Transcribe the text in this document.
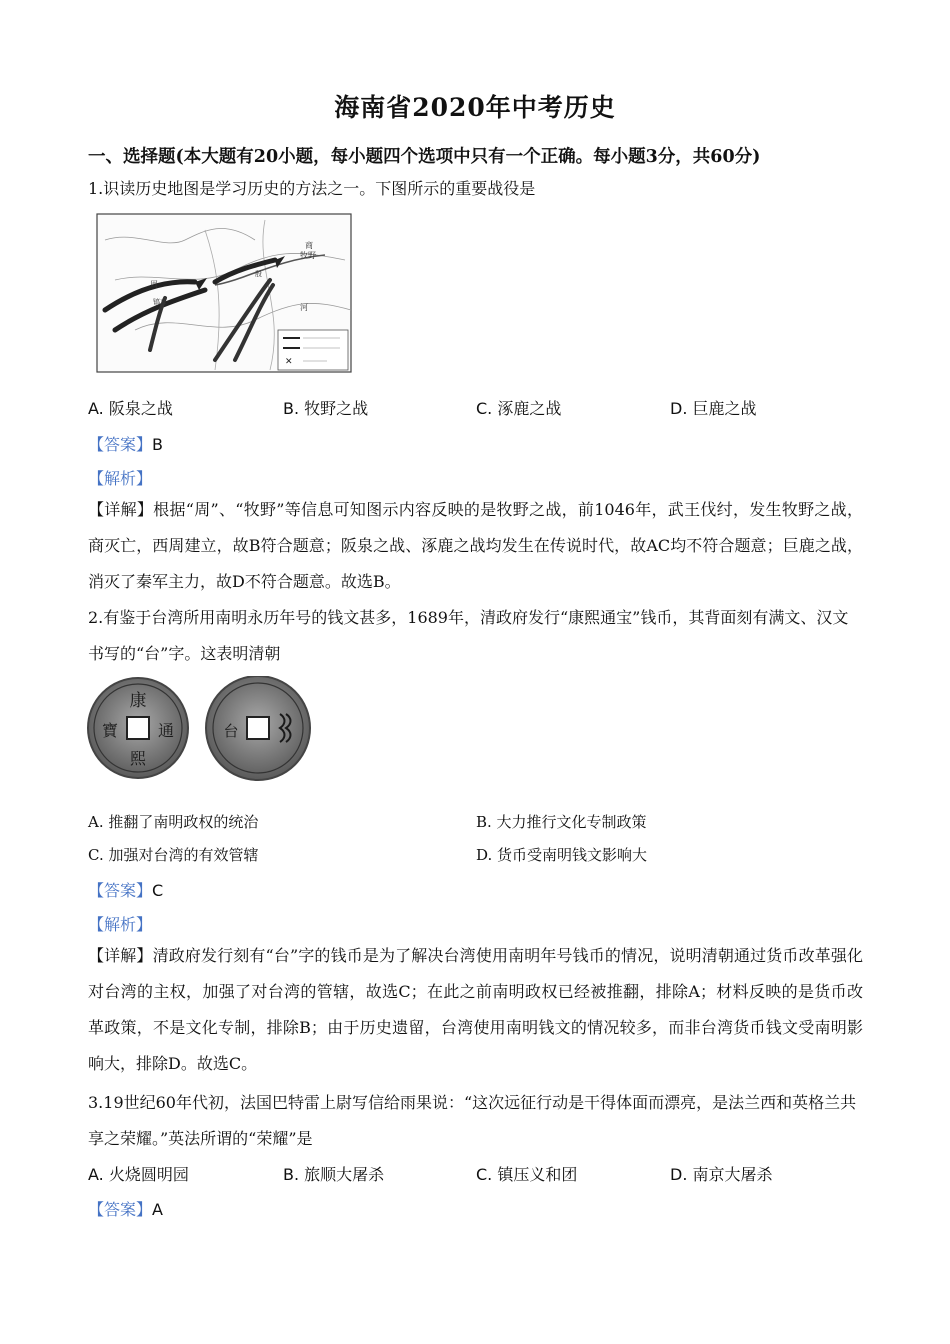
海南省2020年中考历史
一、选择题(本大题有20小题，每小题四个选项中只有一个正确。每小题3分，共60分)
1.识读历史地图是学习历史的方法之一。下图所示的重要战役是
✕
商
牧野
周
镐京
河
殷
A. 阪泉之战	B. 牧野之战	C. 涿鹿之战	D. 巨鹿之战
【答案】B
【解析】
【详解】根据“周”、“牧野”等信息可知图示内容反映的是牧野之战，前1046年，武王伐纣，发生牧野之战，商灭亡，西周建立，故B符合题意；阪泉之战、涿鹿之战均发生在传说时代，故AC均不符合题意；巨鹿之战，消灭了秦军主力，故D不符合题意。故选B。
2.有鉴于台湾所用南明永历年号的钱文甚多，1689年，清政府发行“康熙通宝”钱币，其背面刻有满文、汉文书写的“台”字。这表明清朝
康
寶 通
熙
台
A. 推翻了南明政权的统治	B. 大力推行文化专制政策
C. 加强对台湾的有效管辖	D. 货币受南明钱文影响大
【答案】C
【解析】
【详解】清政府发行刻有“台”字的钱币是为了解决台湾使用南明年号钱币的情况，说明清朝通过货币改革强化对台湾的主权，加强了对台湾的管辖，故选C；在此之前南明政权已经被推翻，排除A；材料反映的是货币改革政策，不是文化专制，排除B；由于历史遗留，台湾使用南明钱文的情况较多，而非台湾货币钱文受南明影响大，排除D。故选C。
3.19世纪60年代初，法国巴特雷上尉写信给雨果说：“这次远征行动是干得体面而漂亮，是法兰西和英格兰共享之荣耀。”英法所谓的“荣耀”是
A. 火烧圆明园	B. 旅顺大屠杀	C. 镇压义和团	D. 南京大屠杀
【答案】A
